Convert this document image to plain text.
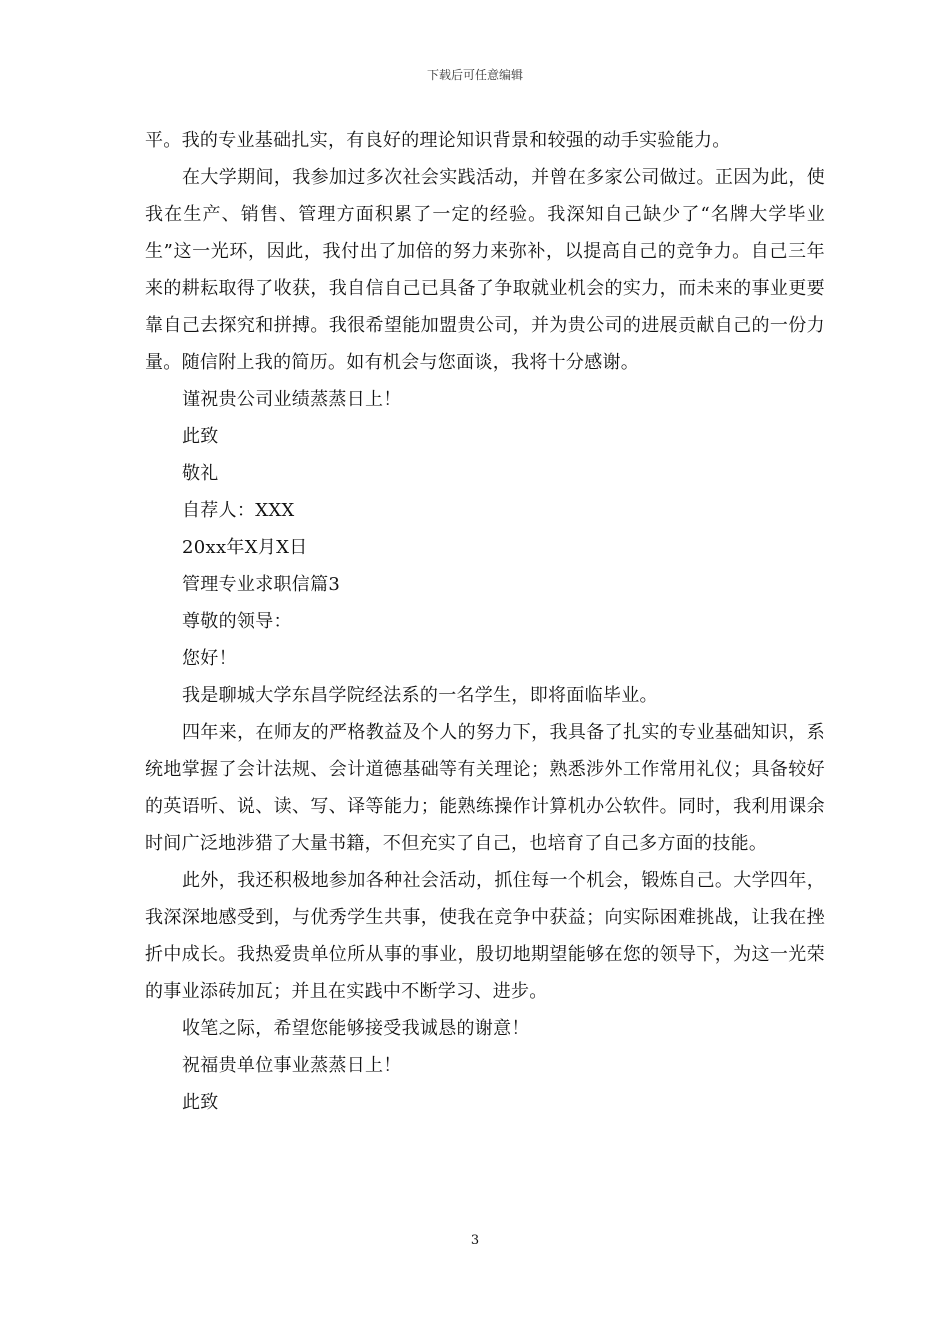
下载后可任意编辑

平。我的专业基础扎实，有良好的理论知识背景和较强的动手实验能力。

在大学期间，我参加过多次社会实践活动，并曾在多家公司做过。正因为此，使我在生产、销售、管理方面积累了一定的经验。我深知自己缺少了“名牌大学毕业生”这一光环，因此，我付出了加倍的努力来弥补，以提高自己的竞争力。自己三年来的耕耘取得了收获，我自信自己已具备了争取就业机会的实力，而未来的事业更要靠自己去探究和拼搏。我很希望能加盟贵公司，并为贵公司的进展贡献自己的一份力量。随信附上我的简历。如有机会与您面谈，我将十分感谢。

谨祝贵公司业绩蒸蒸日上！

此致

敬礼

自荐人：XXX

20xx年X月X日

管理专业求职信篇3

尊敬的领导：

您好！

我是聊城大学东昌学院经法系的一名学生，即将面临毕业。

四年来，在师友的严格教益及个人的努力下，我具备了扎实的专业基础知识，系统地掌握了会计法规、会计道德基础等有关理论；熟悉涉外工作常用礼仪；具备较好的英语听、说、读、写、译等能力；能熟练操作计算机办公软件。同时，我利用课余时间广泛地涉猎了大量书籍，不但充实了自己，也培育了自己多方面的技能。

此外，我还积极地参加各种社会活动，抓住每一个机会，锻炼自己。大学四年，我深深地感受到，与优秀学生共事，使我在竞争中获益；向实际困难挑战，让我在挫折中成长。我热爱贵单位所从事的事业，殷切地期望能够在您的领导下，为这一光荣的事业添砖加瓦；并且在实践中不断学习、进步。

收笔之际，希望您能够接受我诚恳的谢意！

祝福贵单位事业蒸蒸日上！

此致

3
